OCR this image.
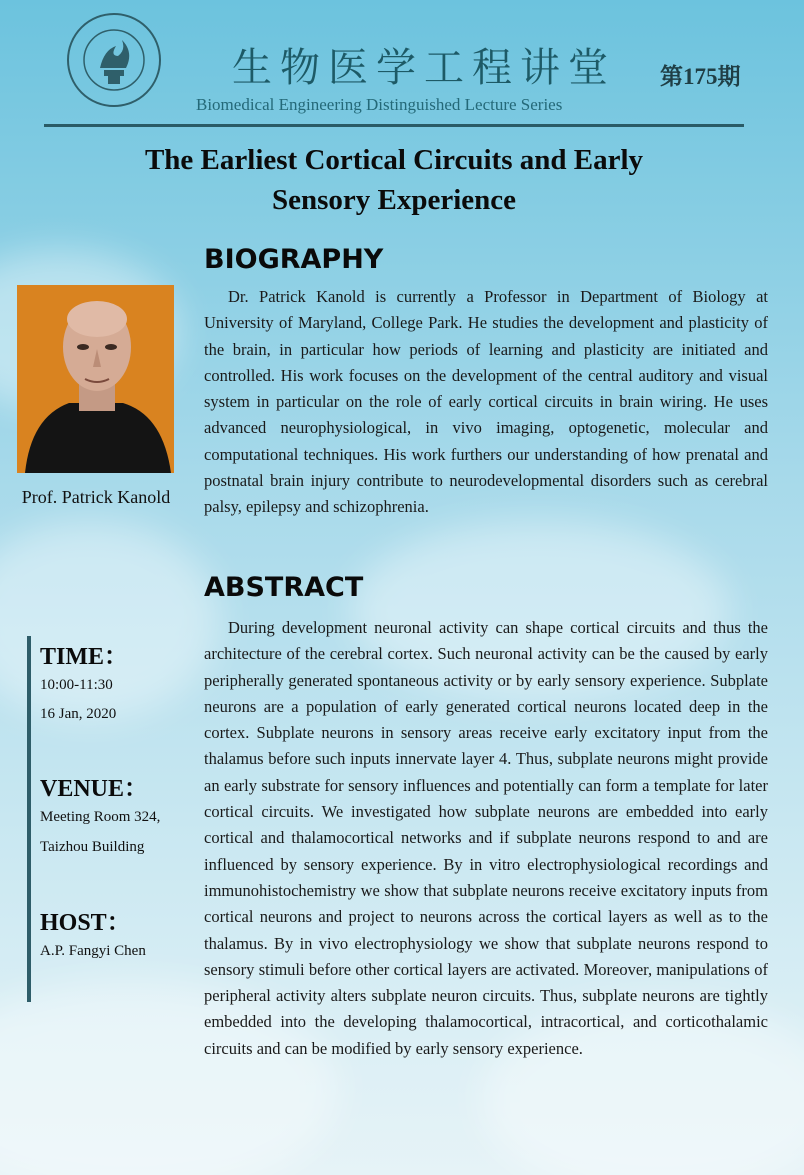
生物医学工程讲堂 第175期
Biomedical Engineering Distinguished Lecture Series
The Earliest Cortical Circuits and Early
Sensory Experience
Prof. Patrick Kanold
BIOGRAPHY

Dr. Patrick Kanold is currently a Professor in Department of Biology at University of Maryland, College Park. He studies the development and plasticity of the brain, in particular how periods of learning and plasticity are initiated and controlled. His work focuses on the development of the central auditory and visual system in particular on the role of early cortical circuits in brain wiring. He uses advanced neurophysiological, in vivo imaging, optogenetic, molecular and computational techniques. His work furthers our understanding of how prenatal and postnatal brain injury contribute to neurodevelopmental disorders such as cerebral palsy, epilepsy and schizophrenia.

ABSTRACT

During development neuronal activity can shape cortical circuits and thus the architecture of the cerebral cortex. Such neuronal activity can be the caused by early peripherally generated spontaneous activity or by early sensory experience. Subplate neurons are a population of early generated cortical neurons located deep in the cortex. Subplate neurons in sensory areas receive early excitatory input from the thalamus before such inputs innervate layer 4. Thus, subplate neurons might provide an early substrate for sensory influences and potentially can form a template for later cortical circuits. We investigated how subplate neurons are embedded into early cortical and thalamocortical networks and if subplate neurons respond to and are influenced by sensory experience. By in vitro electrophysiological recordings and immunohistochemistry we show that subplate neurons receive excitatory inputs from cortical neurons and project to neurons across the cortical layers as well as to the thalamus. By in vivo electrophysiology we show that subplate neurons respond to sensory stimuli before other cortical layers are activated. Moreover, manipulations of peripheral activity alters subplate neuron circuits. Thus, subplate neurons are tightly embedded into the developing thalamocortical, intracortical, and corticothalamic circuits and can be modified by early sensory experience.

TIME：
10:00-11:30
16 Jan, 2020
VENUE：
Meeting Room 324,
Taizhou Building
HOST：
A.P. Fangyi Chen
